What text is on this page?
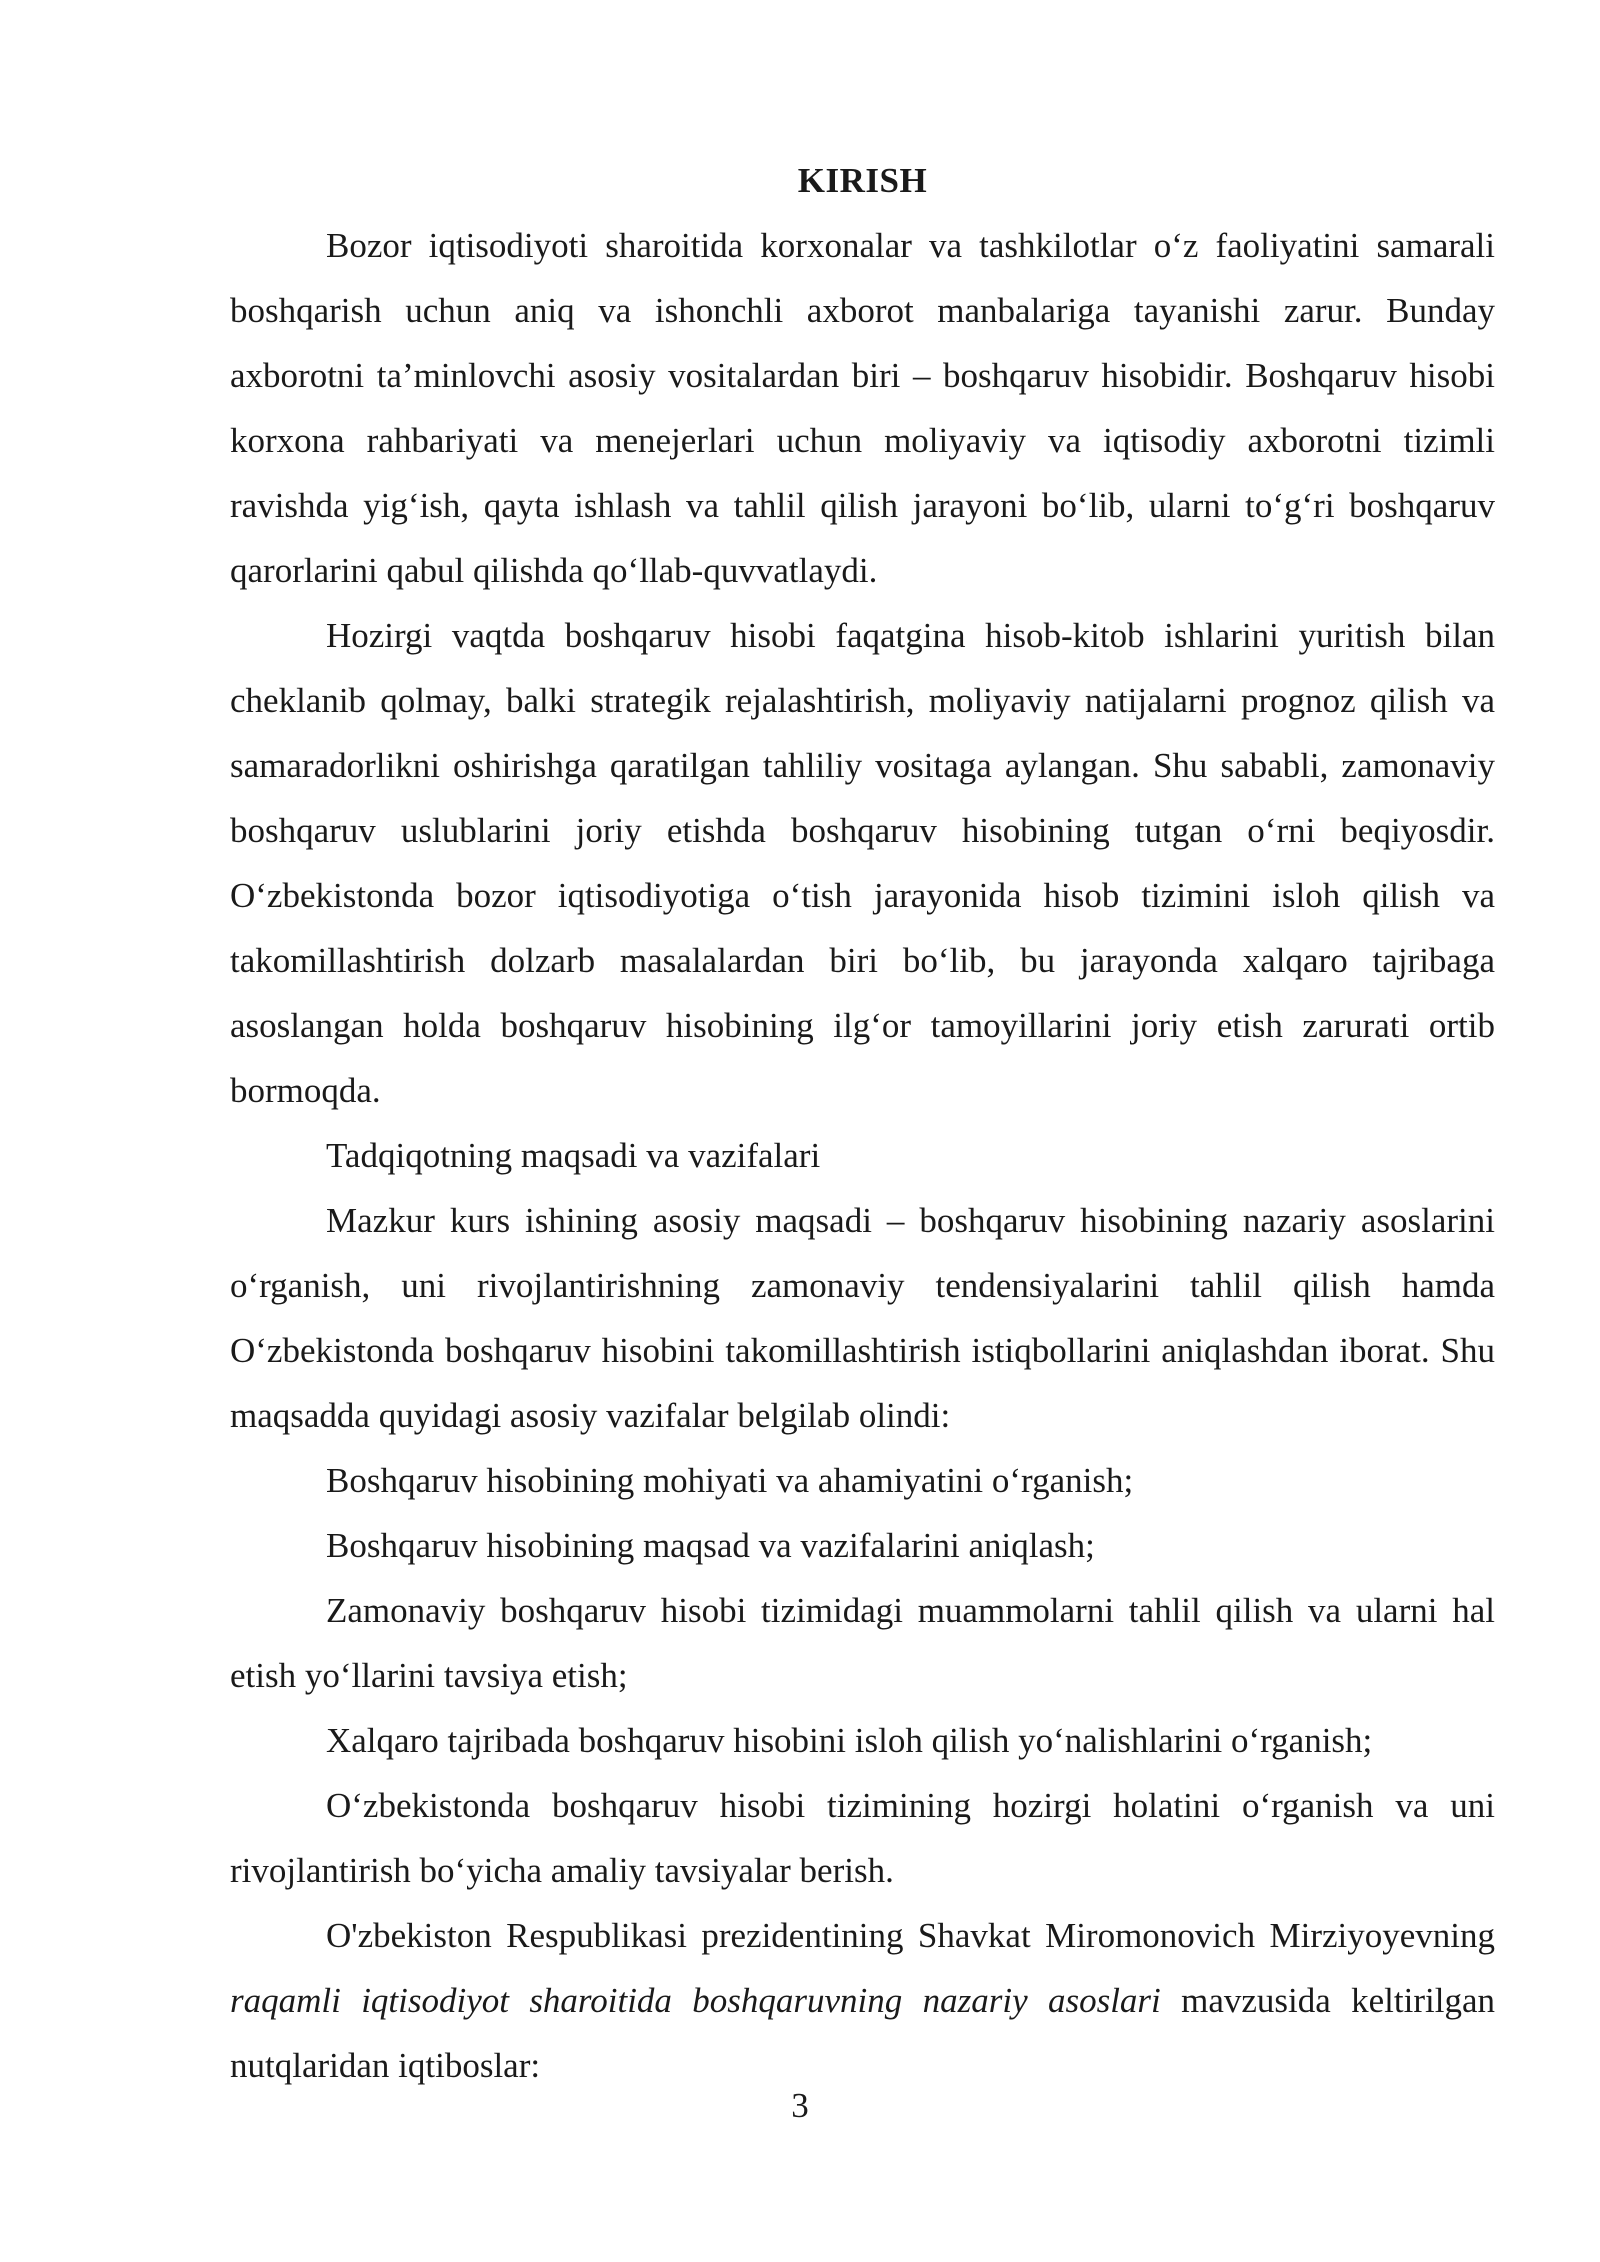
KIRISH

Bozor iqtisodiyoti sharoitida korxonalar va tashkilotlar o‘z faoliyatini samarali boshqarish uchun aniq va ishonchli axborot manbalariga tayanishi zarur. Bunday axborotni ta’minlovchi asosiy vositalardan biri – boshqaruv hisobidir. Boshqaruv hisobi korxona rahbariyati va menejerlari uchun moliyaviy va iqtisodiy axborotni tizimli ravishda yig‘ish, qayta ishlash va tahlil qilish jarayoni bo‘lib, ularni to‘g‘ri boshqaruv qarorlarini qabul qilishda qo‘llab-quvvatlaydi.

Hozirgi vaqtda boshqaruv hisobi faqatgina hisob-kitob ishlarini yuritish bilan cheklanib qolmay, balki strategik rejalashtirish, moliyaviy natijalarni prognoz qilish va samaradorlikni oshirishga qaratilgan tahliliy vositaga aylangan. Shu sababli, zamonaviy boshqaruv uslublarini joriy etishda boshqaruv hisobining tutgan o‘rni beqiyosdir. O‘zbekistonda bozor iqtisodiyotiga o‘tish jarayonida hisob tizimini isloh qilish va takomillashtirish dolzarb masalalardan biri bo‘lib, bu jarayonda xalqaro tajribaga asoslangan holda boshqaruv hisobining ilg‘or tamoyillarini joriy etish zarurati ortib bormoqda.

Tadqiqotning maqsadi va vazifalari

Mazkur kurs ishining asosiy maqsadi – boshqaruv hisobining nazariy asoslarini o‘rganish, uni rivojlantirishning zamonaviy tendensiyalarini tahlil qilish hamda O‘zbekistonda boshqaruv hisobini takomillashtirish istiqbollarini aniqlashdan iborat. Shu maqsadda quyidagi asosiy vazifalar belgilab olindi:

Boshqaruv hisobining mohiyati va ahamiyatini o‘rganish;

Boshqaruv hisobining maqsad va vazifalarini aniqlash;

Zamonaviy boshqaruv hisobi tizimidagi muammolarni tahlil qilish va ularni hal etish yo‘llarini tavsiya etish;

Xalqaro tajribada boshqaruv hisobini isloh qilish yo‘nalishlarini o‘rganish;

O‘zbekistonda boshqaruv hisobi tizimining hozirgi holatini o‘rganish va uni rivojlantirish bo‘yicha amaliy tavsiyalar berish.

O'zbekiston Respublikasi prezidentining Shavkat Miromonovich Mirziyoyevning raqamli iqtisodiyot sharoitida boshqaruvning nazariy asoslari mavzusida keltirilgan nutqlaridan iqtiboslar:

3
